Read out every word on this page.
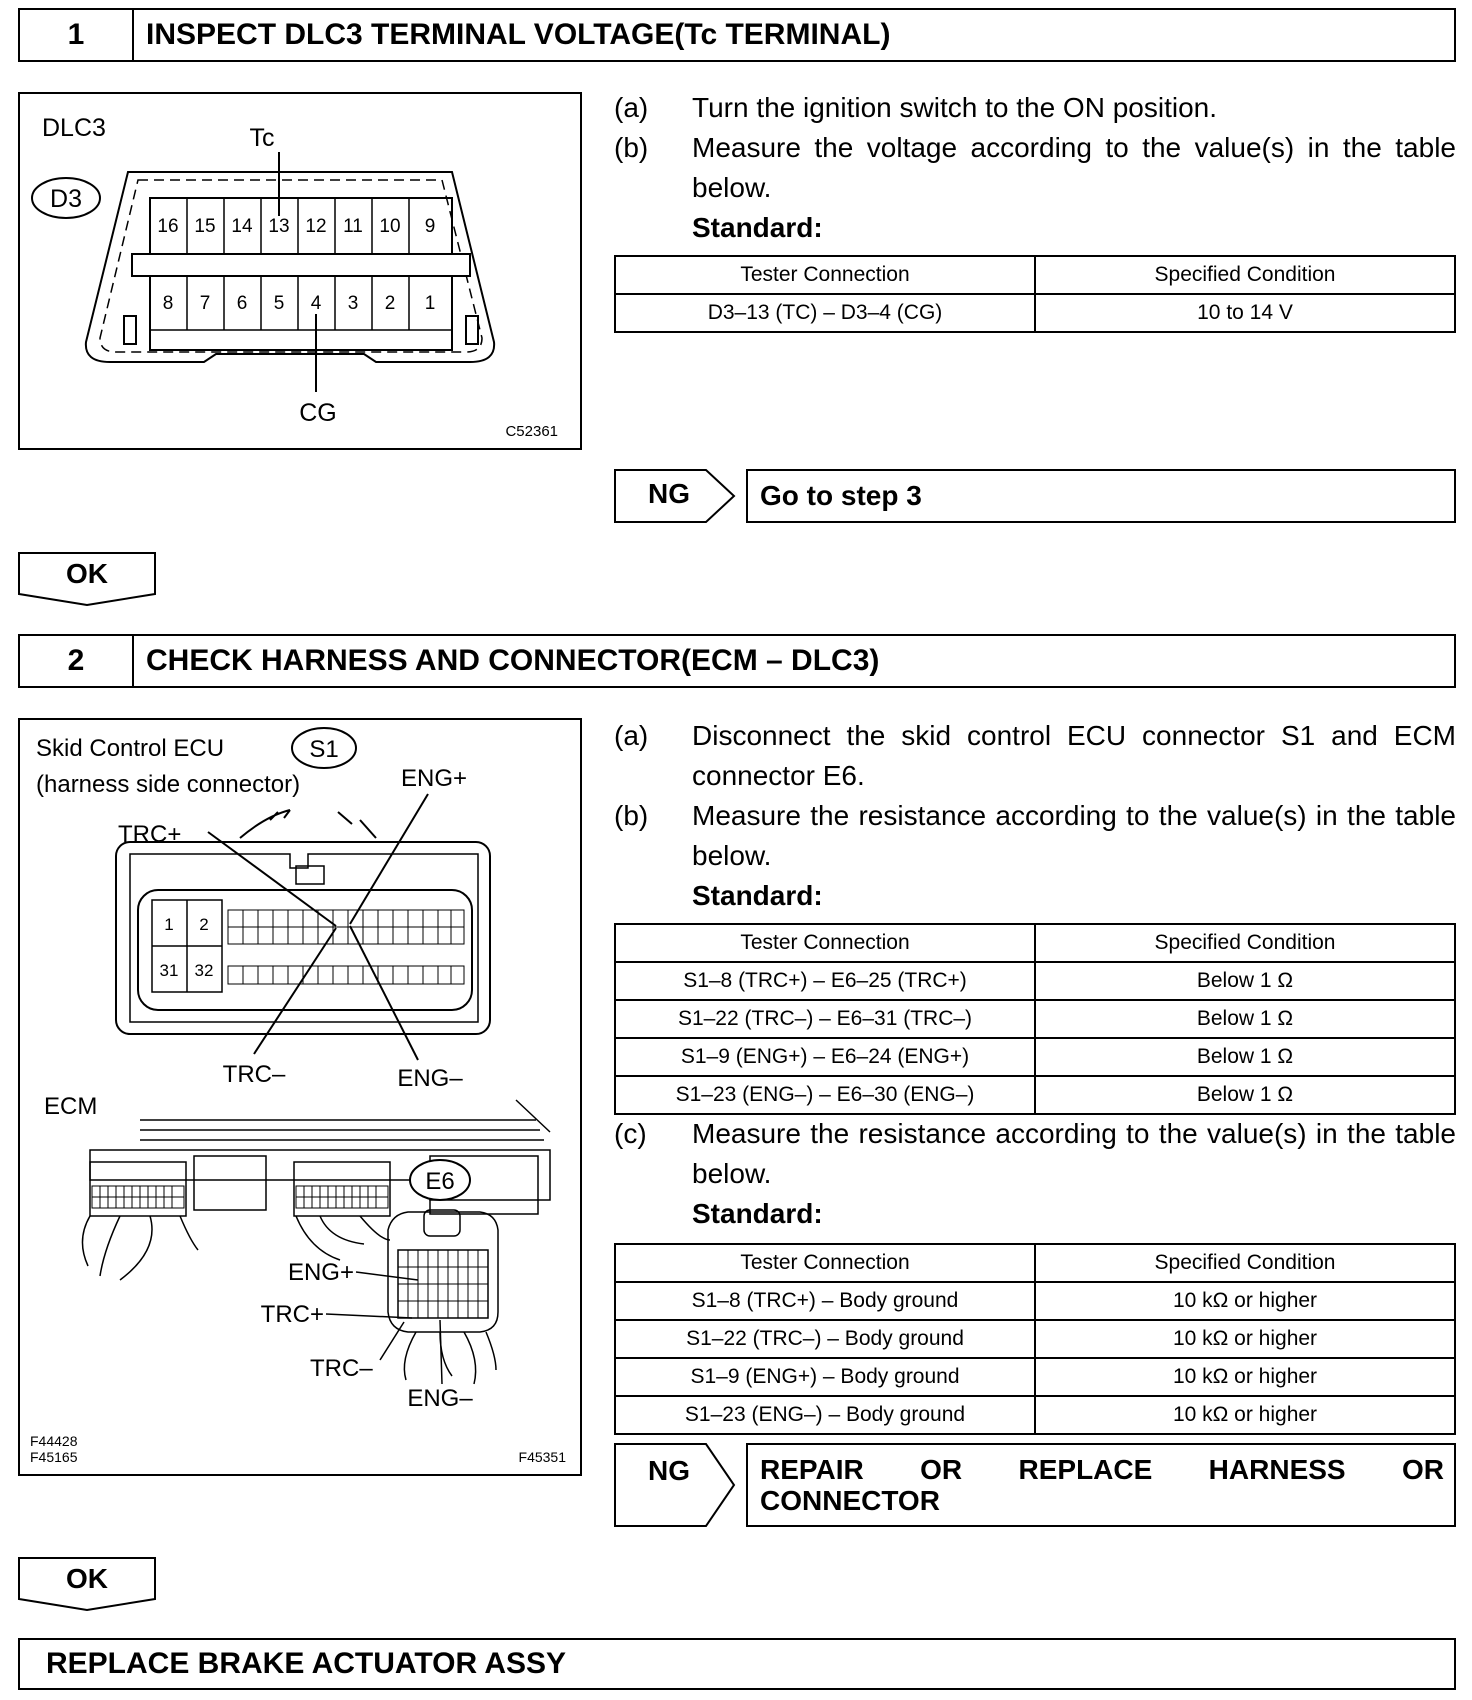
1	INSPECT DLC3 TERMINAL VOLTAGE(Tc TERMINAL)
DLC3
D3
Tc
16 15 14 13 12 11 10 9
8 7 6 5 4 3 2 1
CG
C52361
(a)	Turn the ignition switch to the ON position.
(b)	Measure the voltage according to the value(s) in the table below.
Standard:
Tester Connection	Specified Condition
D3–13 (TC) – D3–4 (CG)	10 to 14 V
NG	Go to step 3
OK
2	CHECK HARNESS AND CONNECTOR(ECM – DLC3)
Skid Control ECU	S1
(harness side connector)	ENG+
TRC+
1 2
31 32
TRC–	ENG–
ECM
E6
ENG+
TRC+
TRC–
ENG–
F44428
F45165	F45351
(a)	Disconnect the skid control ECU connector S1 and ECM connector E6.
(b)	Measure the resistance according to the value(s) in the table below.
Standard:
Tester Connection	Specified Condition
S1–8 (TRC+) – E6–25 (TRC+)	Below 1 Ω
S1–22 (TRC–) – E6–31 (TRC–)	Below 1 Ω
S1–9 (ENG+) – E6–24 (ENG+)	Below 1 Ω
S1–23 (ENG–) – E6–30 (ENG–)	Below 1 Ω
(c)	Measure the resistance according to the value(s) in the table below.
Standard:
Tester Connection	Specified Condition
S1–8 (TRC+) – Body ground	10 kΩ or higher
S1–22 (TRC–) – Body ground	10 kΩ or higher
S1–9 (ENG+) – Body ground	10 kΩ or higher
S1–23 (ENG–) – Body ground	10 kΩ or higher
NG	REPAIR OR REPLACE HARNESS OR
CONNECTOR
OK
REPLACE BRAKE ACTUATOR ASSY
